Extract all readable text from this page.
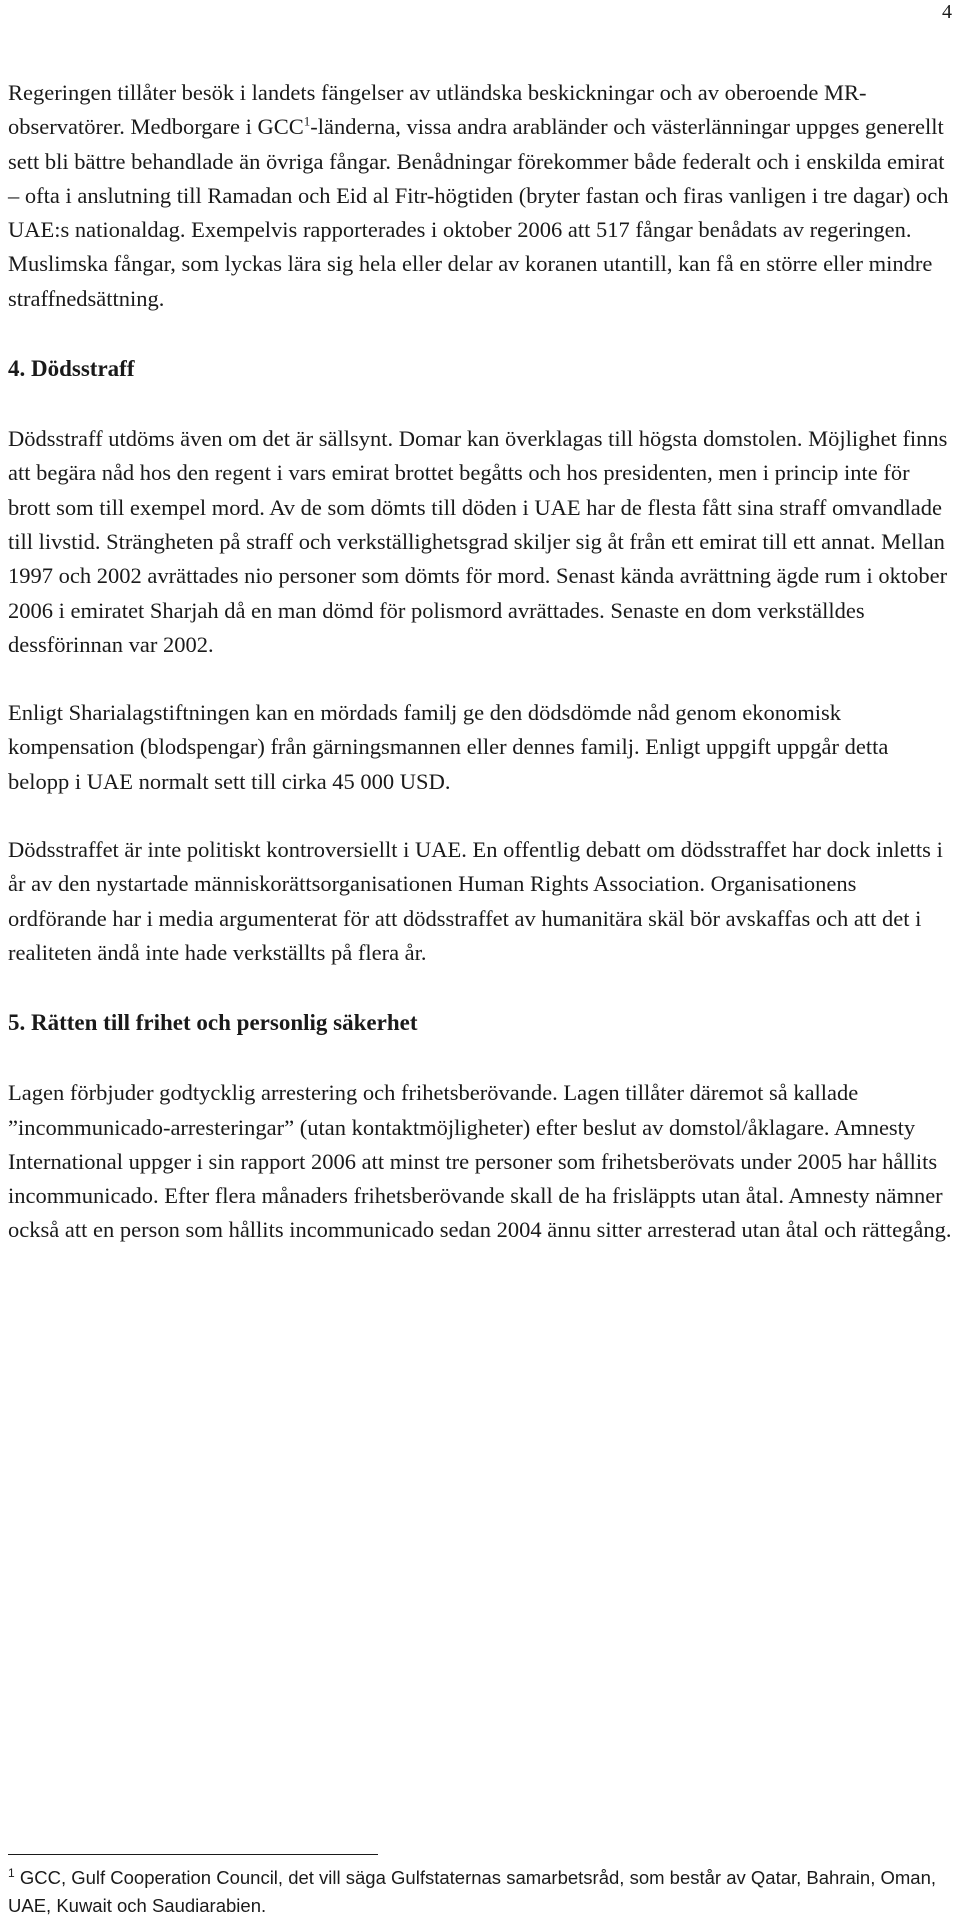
4

Regeringen tillåter besök i landets fängelser av utländska beskickningar och av oberoende MR-observatörer. Medborgare i GCC$^1$-länderna, vissa andra arabländer och västerlänningar uppges generellt sett bli bättre behandlade än övriga fångar. Benådningar förekommer både federalt och i enskilda emirat – ofta i anslutning till Ramadan och Eid al Fitr-högtiden (bryter fastan och firas vanligen i tre dagar) och UAE:s nationaldag. Exempelvis rapporterades i oktober 2006 att 517 fångar benådats av regeringen. Muslimska fångar, som lyckas lära sig hela eller delar av koranen utantill, kan få en större eller mindre straffnedsättning.

4. Dödsstraff

Dödsstraff utdöms även om det är sällsynt. Domar kan överklagas till högsta domstolen. Möjlighet finns att begära nåd hos den regent i vars emirat brottet begåtts och hos presidenten, men i princip inte för brott som till exempel mord. Av de som dömts till döden i UAE har de flesta fått sina straff omvandlade till livstid. Strängheten på straff och verkställighetsgrad skiljer sig åt från ett emirat till ett annat. Mellan 1997 och 2002 avrättades nio personer som dömts för mord. Senast kända avrättning ägde rum i oktober 2006 i emiratet Sharjah då en man dömd för polismord avrättades. Senaste en dom verkställdes dessförinnan var 2002.

Enligt Sharialagstiftningen kan en mördads familj ge den dödsdömde nåd genom ekonomisk kompensation (blodspengar) från gärningsmannen eller dennes familj. Enligt uppgift uppgår detta belopp i UAE normalt sett till cirka 45 000 USD.

Dödsstraffet är inte politiskt kontroversiellt i UAE. En offentlig debatt om dödsstraffet har dock inletts i år av den nystartade människorättsorganisationen Human Rights Association. Organisationens ordförande har i media argumenterat för att dödsstraffet av humanitära skäl bör avskaffas och att det i realiteten ändå inte hade verkställts på flera år.

5. Rätten till frihet och personlig säkerhet

Lagen förbjuder godtycklig arrestering och frihetsberövande. Lagen tillåter däremot så kallade ”incommunicado-arresteringar” (utan kontaktmöjligheter) efter beslut av domstol/åklagare. Amnesty International uppger i sin rapport 2006 att minst tre personer som frihetsberövats under 2005 har hållits incommunicado. Efter flera månaders frihetsberövande skall de ha frisläppts utan åtal. Amnesty nämner också att en person som hållits incommunicado sedan 2004 ännu sitter arresterad utan åtal och rättegång.

$^1$ GCC, Gulf Cooperation Council, det vill säga Gulfstaternas samarbetsråd, som består av Qatar, Bahrain, Oman, UAE, Kuwait och Saudiarabien.
